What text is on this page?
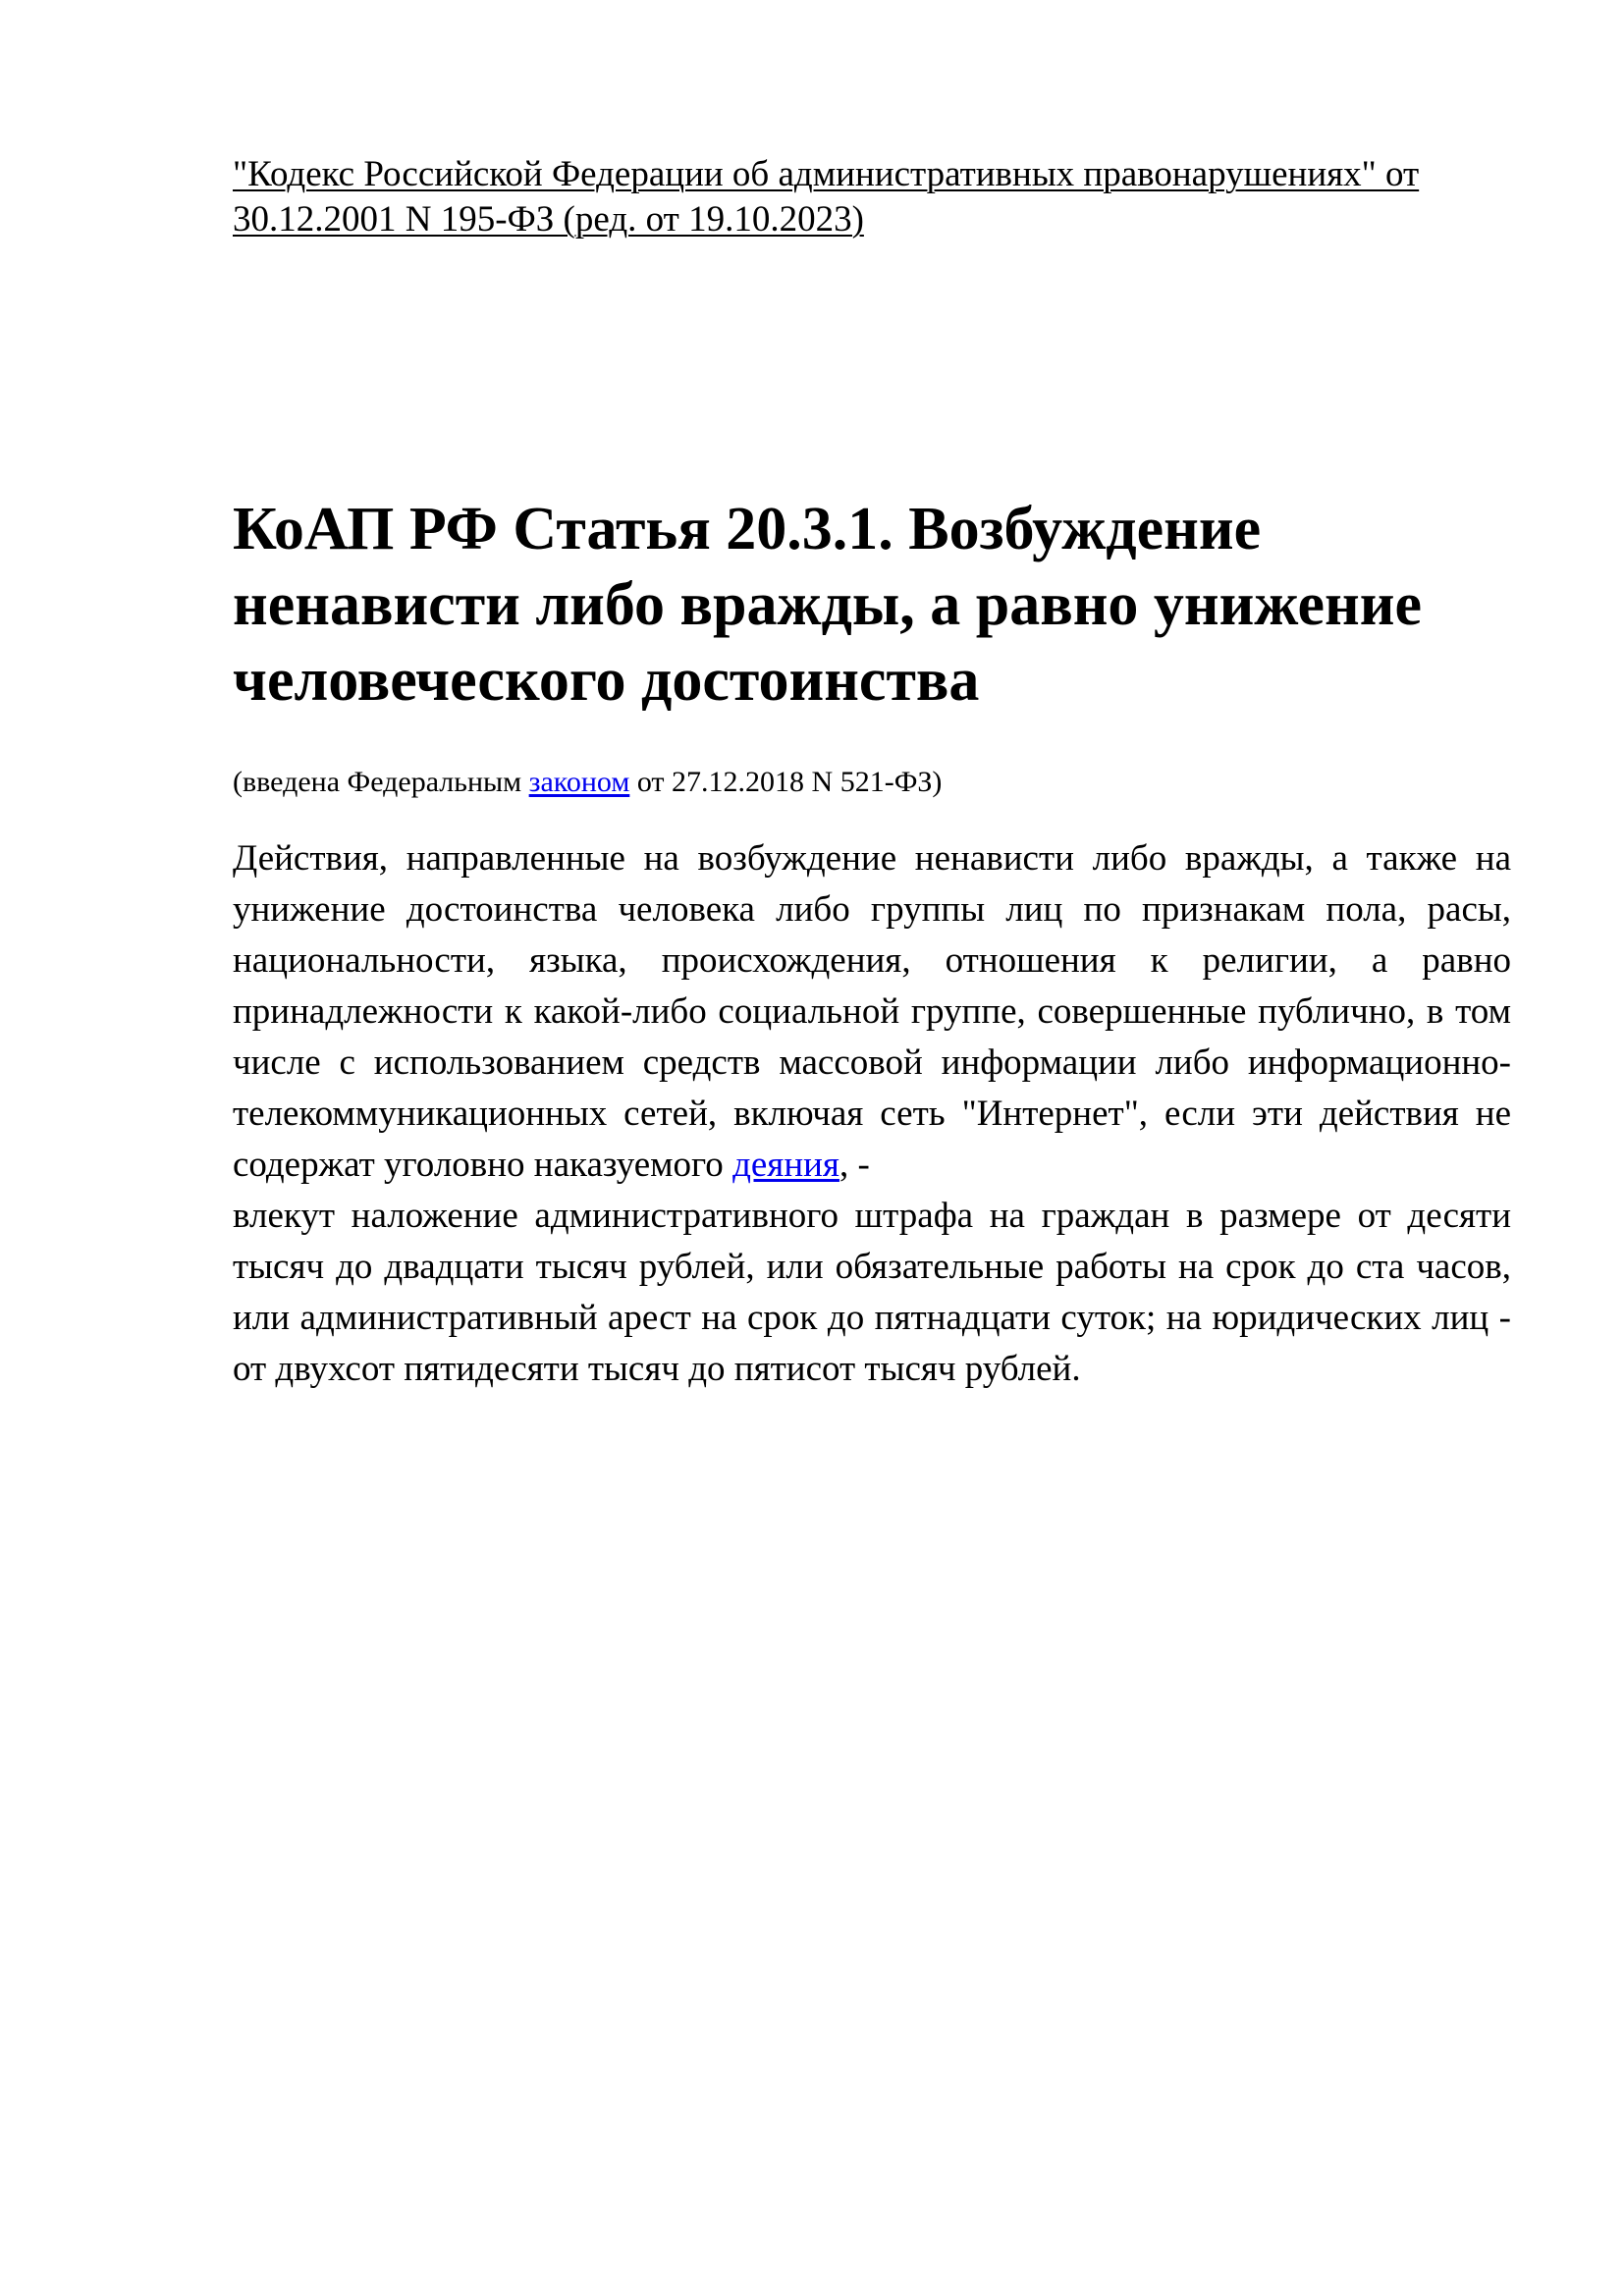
"Кодекс Российской Федерации об административных правонарушениях" от 30.12.2001 N 195-ФЗ (ред. от 19.10.2023)
КоАП РФ Статья 20.3.1. Возбуждение ненависти либо вражды, а равно унижение человеческого достоинства
(введена Федеральным законом от 27.12.2018 N 521-ФЗ)

Действия, направленные на возбуждение ненависти либо вражды, а также на унижение достоинства человека либо группы лиц по признакам пола, расы, национальности, языка, происхождения, отношения к религии, а равно принадлежности к какой-либо социальной группе, совершенные публично, в том числе с использованием средств массовой информации либо информационно-телекоммуникационных сетей, включая сеть "Интернет", если эти действия не содержат уголовно наказуемого деяния, -

влекут наложение административного штрафа на граждан в размере от десяти тысяч до двадцати тысяч рублей, или обязательные работы на срок до ста часов, или административный арест на срок до пятнадцати суток; на юридических лиц - от двухсот пятидесяти тысяч до пятисот тысяч рублей.
